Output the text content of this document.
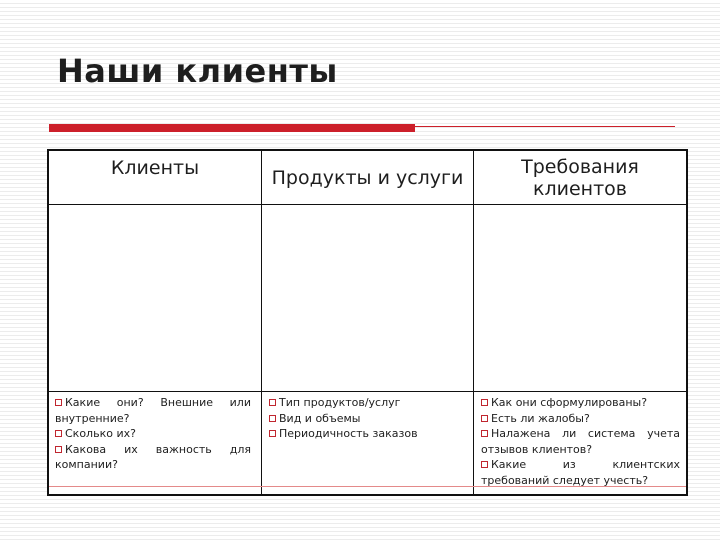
Наши клиенты
Клиенты	Продукты и услуги	Требования клиентов

Какие они? Внешние или внутренние?

Сколько их?

Какова их важность для компании?

Тип продуктов/услуг

Вид и объемы

Периодичность заказов

Как они сформулированы?

Есть ли жалобы?

Налажена ли система учета отзывов клиентов?

Какие из клиентских требований следует учесть?
